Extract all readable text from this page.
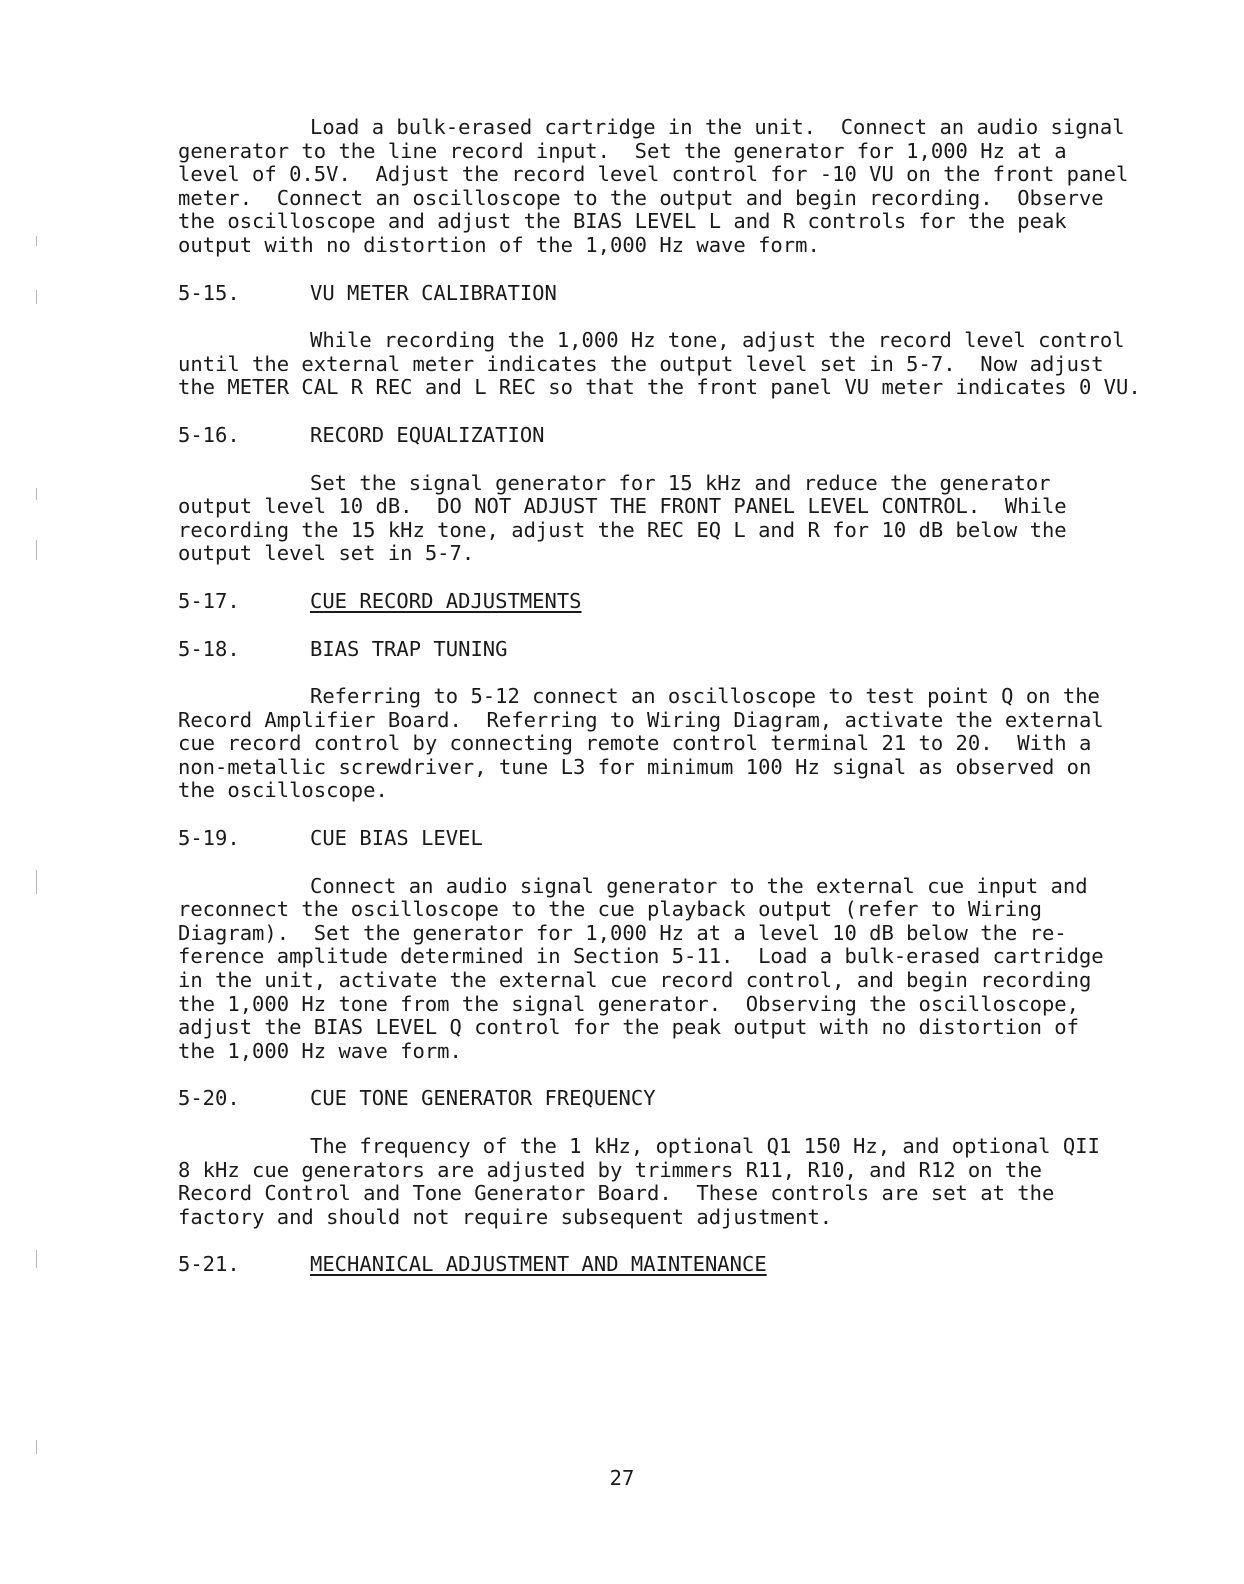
Load a bulk-erased cartridge in the unit.  Connect an audio signal
generator to the line record input.  Set the generator for 1,000 Hz at a
level of 0.5V.  Adjust the record level control for -10 VU on the front panel
meter.  Connect an oscilloscope to the output and begin recording.  Observe
the oscilloscope and adjust the BIAS LEVEL L and R controls for the peak
output with no distortion of the 1,000 Hz wave form.
5-15.	VU METER CALIBRATION
While recording the 1,000 Hz tone, adjust the record level control
until the external meter indicates the output level set in 5-7.  Now adjust
the METER CAL R REC and L REC so that the front panel VU meter indicates 0 VU.
5-16.	RECORD EQUALIZATION
Set the signal generator for 15 kHz and reduce the generator
output level 10 dB.  DO NOT ADJUST THE FRONT PANEL LEVEL CONTROL.  While
recording the 15 kHz tone, adjust the REC EQ L and R for 10 dB below the
output level set in 5-7.
5-17.	CUE RECORD ADJUSTMENTS
5-18.	BIAS TRAP TUNING
Referring to 5-12 connect an oscilloscope to test point Q on the
Record Amplifier Board.  Referring to Wiring Diagram, activate the external
cue record control by connecting remote control terminal 21 to 20.  With a
non-metallic screwdriver, tune L3 for minimum 100 Hz signal as observed on
the oscilloscope.
5-19.	CUE BIAS LEVEL
Connect an audio signal generator to the external cue input and
reconnect the oscilloscope to the cue playback output (refer to Wiring
Diagram).  Set the generator for 1,000 Hz at a level 10 dB below the re-
ference amplitude determined in Section 5-11.  Load a bulk-erased cartridge
in the unit, activate the external cue record control, and begin recording
the 1,000 Hz tone from the signal generator.  Observing the oscilloscope,
adjust the BIAS LEVEL Q control for the peak output with no distortion of
the 1,000 Hz wave form.
5-20.	CUE TONE GENERATOR FREQUENCY
The frequency of the 1 kHz, optional Q1 150 Hz, and optional QII
8 kHz cue generators are adjusted by trimmers R11, R10, and R12 on the
Record Control and Tone Generator Board.  These controls are set at the
factory and should not require subsequent adjustment.
5-21.	MECHANICAL ADJUSTMENT AND MAINTENANCE
27
